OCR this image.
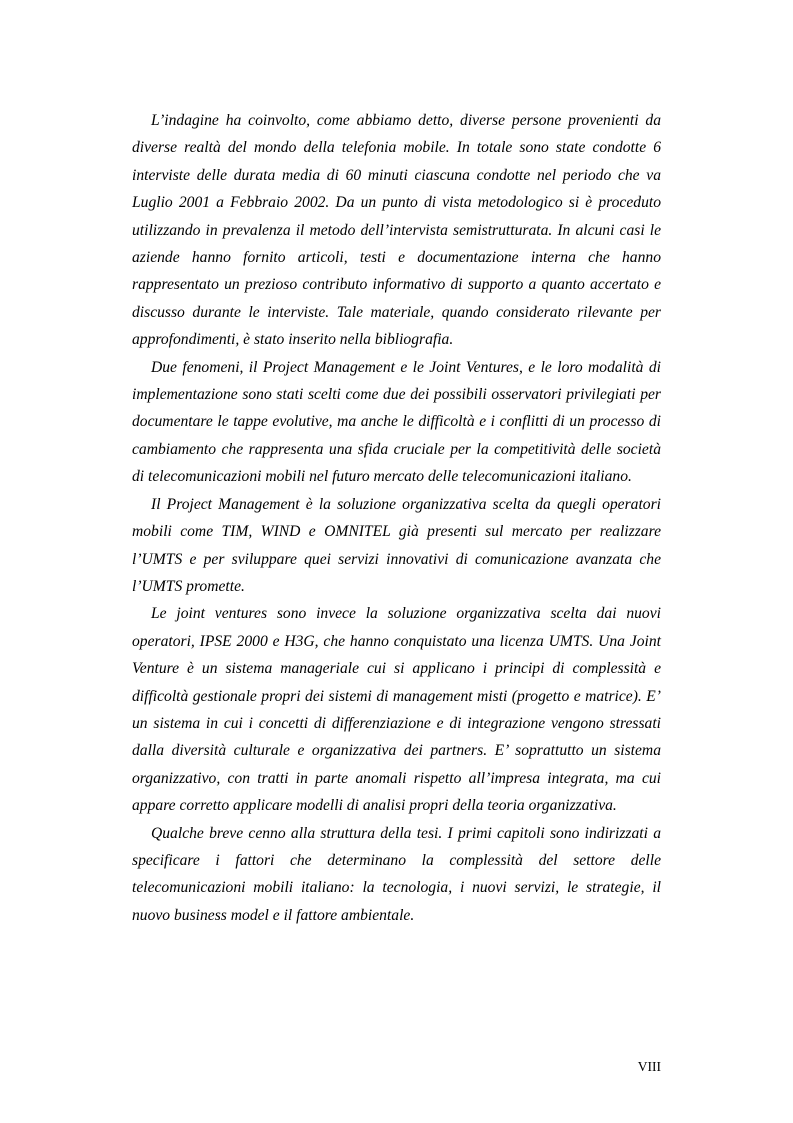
L’indagine ha coinvolto, come abbiamo detto, diverse persone provenienti da diverse realtà del mondo della telefonia mobile. In totale sono state condotte 6 interviste delle durata media di 60 minuti ciascuna condotte nel periodo che va Luglio 2001 a Febbraio 2002. Da un punto di vista metodologico si è proceduto utilizzando in prevalenza il metodo dell’intervista semistrutturata. In alcuni casi le aziende hanno fornito articoli, testi e documentazione interna che hanno rappresentato un prezioso contributo informativo di supporto a quanto accertato e discusso durante le interviste. Tale materiale, quando considerato rilevante per approfondimenti, è stato inserito nella bibliografia.

Due fenomeni, il Project Management e le Joint Ventures, e le loro modalità di implementazione sono stati scelti come due dei possibili osservatori privilegiati per documentare le tappe evolutive, ma anche le difficoltà e i conflitti di un processo di cambiamento che rappresenta una sfida cruciale per la competitività delle società di telecomunicazioni mobili nel futuro mercato delle telecomunicazioni italiano.

Il Project Management è la soluzione organizzativa scelta da quegli operatori mobili come TIM, WIND e OMNITEL già presenti sul mercato per realizzare l’UMTS e per sviluppare quei servizi innovativi di comunicazione avanzata che l’UMTS promette.

Le joint ventures sono invece la soluzione organizzativa scelta dai nuovi operatori, IPSE 2000 e H3G, che hanno conquistato una licenza UMTS. Una Joint Venture è un sistema manageriale cui si applicano i principi di complessità e difficoltà gestionale propri dei sistemi di management misti (progetto e matrice). E’ un sistema in cui i concetti di differenziazione e di integrazione vengono stressati dalla diversità culturale e organizzativa dei partners. E’ soprattutto un sistema organizzativo, con tratti in parte anomali rispetto all’impresa integrata, ma cui appare corretto applicare modelli di analisi propri della teoria organizzativa.

Qualche breve cenno alla struttura della tesi. I primi capitoli sono indirizzati a specificare i fattori che determinano la complessità del settore delle telecomunicazioni mobili italiano: la tecnologia, i nuovi servizi, le strategie, il nuovo business model e il fattore ambientale.

VIII
